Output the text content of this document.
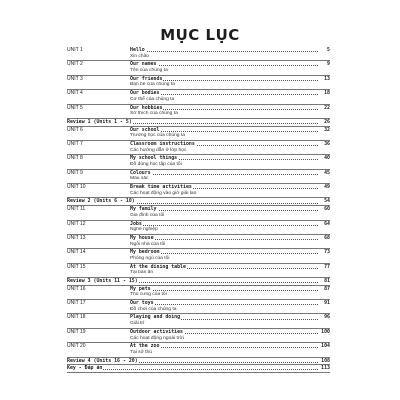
MỤC LỤC
UNIT 1	Hello	5
Xin chào
UNIT 2	Our names	9
Tên của chúng ta
UNIT 3	Our friends	13
Bạn bè của chúng ta
UNIT 4	Our bodies	18
Cơ thể của chúng ta
UNIT 5	Our hobbies	22
Sở thích của chúng ta
Review 1 (Units 1 - 5)	26
UNIT 6	Our school	32
Trường học của chúng ta
UNIT 7	Classroom instructions	36
Các hướng dẫn ở lớp học
UNIT 8	My school things	40
Đồ dùng học tập của tôi
UNIT 9	Colours	45
Màu sắc
UNIT 10	Break time activities	49
Các hoạt động vào giờ giải lao
Review 2 (Units 6 - 10)	54
UNIT 11	My family	60
Gia đình của tôi
UNIT 12	Jobs	64
Nghề nghiệp
UNIT 13	My house	68
Ngôi nhà của tôi
UNIT 14	My bedroom	73
Phòng ngủ của tôi
UNIT 15	At the dining table	77
Tại bàn ăn
Review 3 (Units 11 - 15)	81
UNIT 16	My pets	87
Thú cưng của tôi
UNIT 17	Our toys	91
Đồ chơi của chúng ta
UNIT 18	Playing and doing	96
Giải trí
UNIT 19	Outdoor activities	100
Các hoạt động ngoài trời
UNIT 20	At the zoo	104
Tại sở thú
Review 4 (Units 16 - 20)	108
Key - Đáp án	113
